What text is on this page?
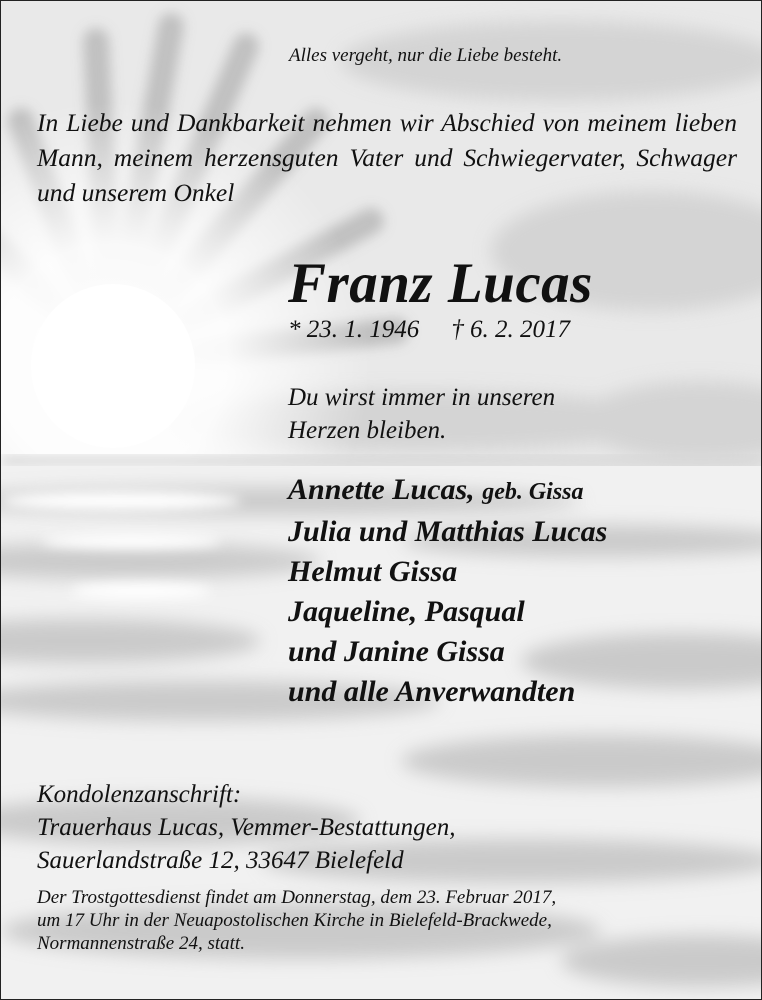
Alles vergeht, nur die Liebe besteht.

In Liebe und Dankbarkeit nehmen wir Abschied von meinem lieben Mann, meinem herzensguten Vater und Schwiegervater, Schwager und unserem Onkel

Franz Lucas

* 23. 1. 1946 † 6. 2. 2017

Du wirst immer in unseren
Herzen bleiben.

Annette Lucas, geb. Gissa
Julia und Matthias Lucas
Helmut Gissa
Jaqueline, Pasqual
und Janine Gissa
und alle Anverwandten

Kondolenzanschrift:
Trauerhaus Lucas, Vemmer-Bestattungen,
Sauerlandstraße 12, 33647 Bielefeld

Der Trostgottesdienst findet am Donnerstag, dem 23. Februar 2017,
um 17 Uhr in der Neuapostolischen Kirche in Bielefeld-Brackwede,
Normannenstraße 24, statt.
